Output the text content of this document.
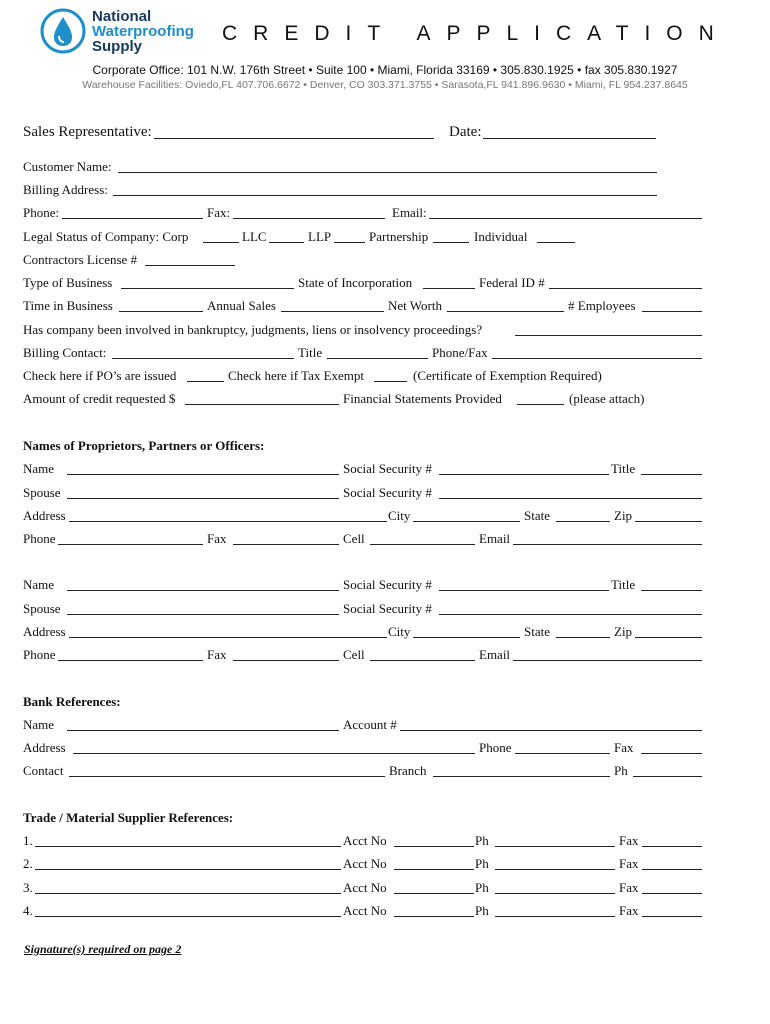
National
Waterproofing
Supply
CREDIT APPLICATION
Corporate Office: 101 N.W. 176th Street • Suite 100 • Miami, Florida 33169 • 305.830.1925 • fax 305.830.1927
Warehouse Facilities: Oviedo,FL 407.706.6672 • Denver, CO 303.371.3755 • Sarasota,FL 941.896.9630 • Miami, FL 954.237.8645
Sales Representative:	Date:
Customer Name:
Billing Address:
Phone:	Fax:	Email:
Legal Status of Company: Corp	LLC	LLP	Partnership	Individual
Contractors License #
Type of Business	State of Incorporation	Federal ID #
Time in Business	Annual Sales	Net Worth	# Employees
Has company been involved in bankruptcy, judgments, liens or insolvency proceedings?
Billing Contact:	Title	Phone/Fax
Check here if PO’s are issued	Check here if Tax Exempt	(Certificate of Exemption Required)
Amount of credit requested $	Financial Statements Provided	(please attach)
Names of Proprietors, Partners or Officers:
Name	Social Security #	Title
Spouse	Social Security #
Address	City	State	Zip
Phone	Fax	Cell	Email
Name	Social Security #	Title
Spouse	Social Security #
Address	City	State	Zip
Phone	Fax	Cell	Email
Bank References:
Name	Account #
Address	Phone	Fax
Contact	Branch	Ph
Trade / Material Supplier References:
1.	Acct No	Ph	Fax
2.	Acct No	Ph	Fax
3.	Acct No	Ph	Fax
4.	Acct No	Ph	Fax
Signature(s) required on page 2
